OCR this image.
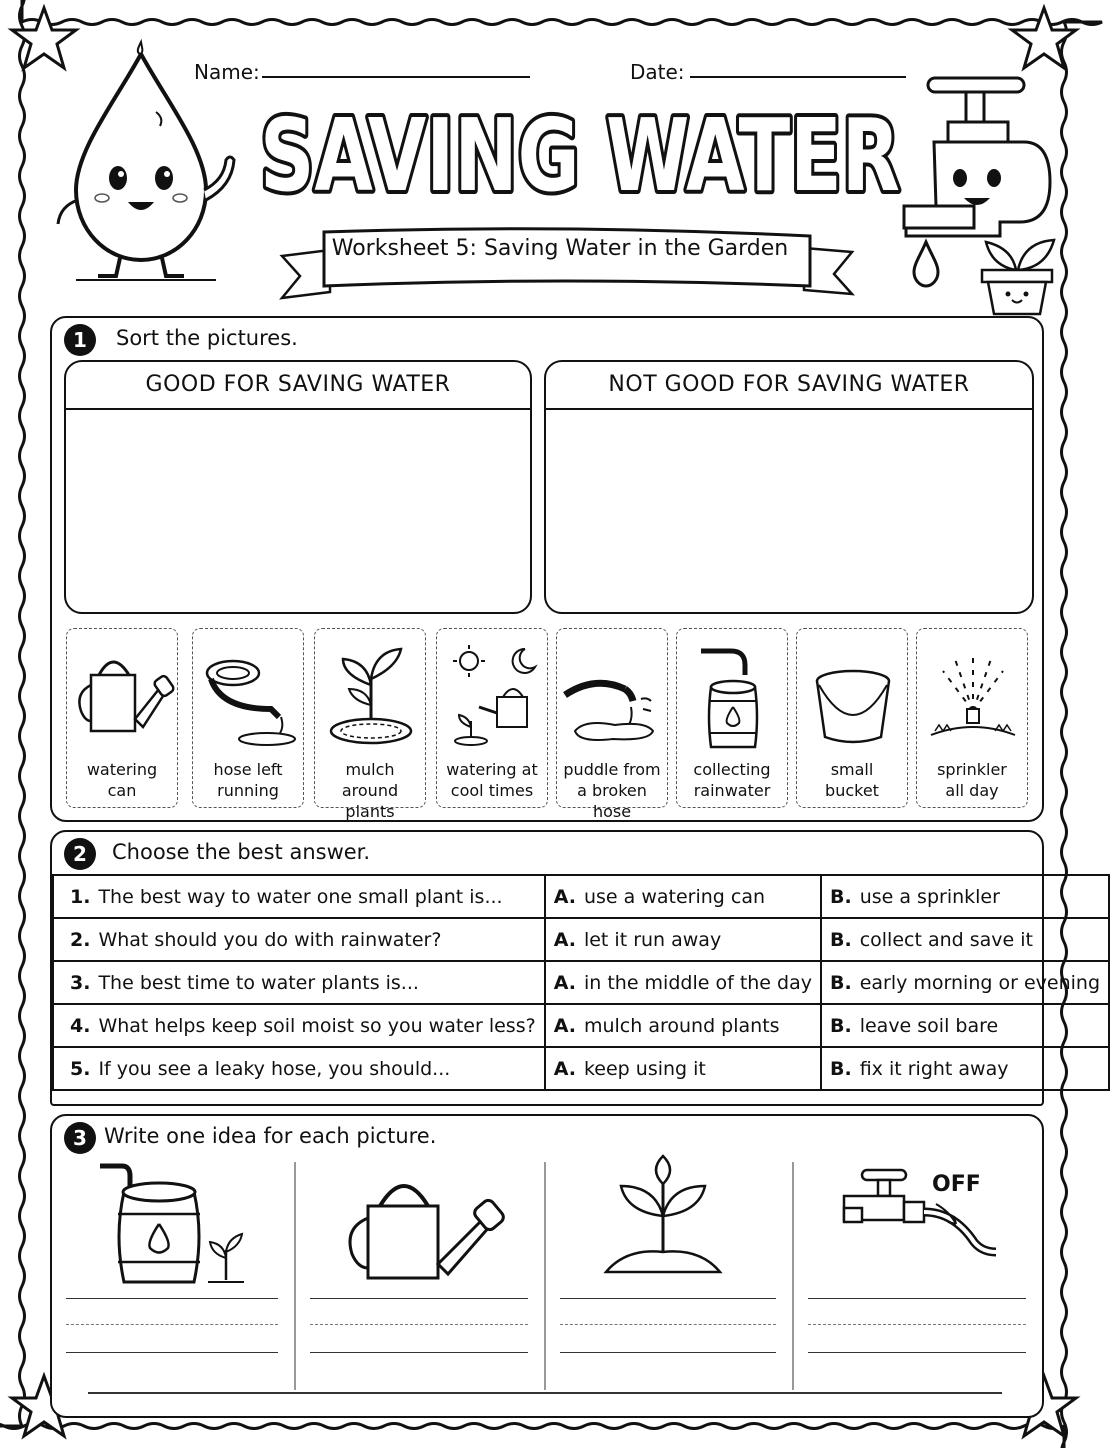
Name:	Date:
SAVING WATER
Worksheet 5: Saving Water in the Garden
1	Sort the pictures.
GOOD FOR SAVING WATER	NOT GOOD FOR SAVING WATER
watering
can
hose left
running
mulch around
plants
watering at
cool times
puddle from
a broken hose
collecting
rainwater
small
bucket
sprinkler
all day
2	Choose the best answer.
1. The best way to water one small plant is...	A. use a watering can	B. use a sprinkler
2. What should you do with rainwater?	A. let it run away	B. collect and save it
3. The best time to water plants is...	A. in the middle of the day	B. early morning or evening
4. What helps keep soil moist so you water less?	A. mulch around plants	B. leave soil bare
5. If you see a leaky hose, you should...	A. keep using it	B. fix it right away
3 Write one idea for each picture.
OFF
